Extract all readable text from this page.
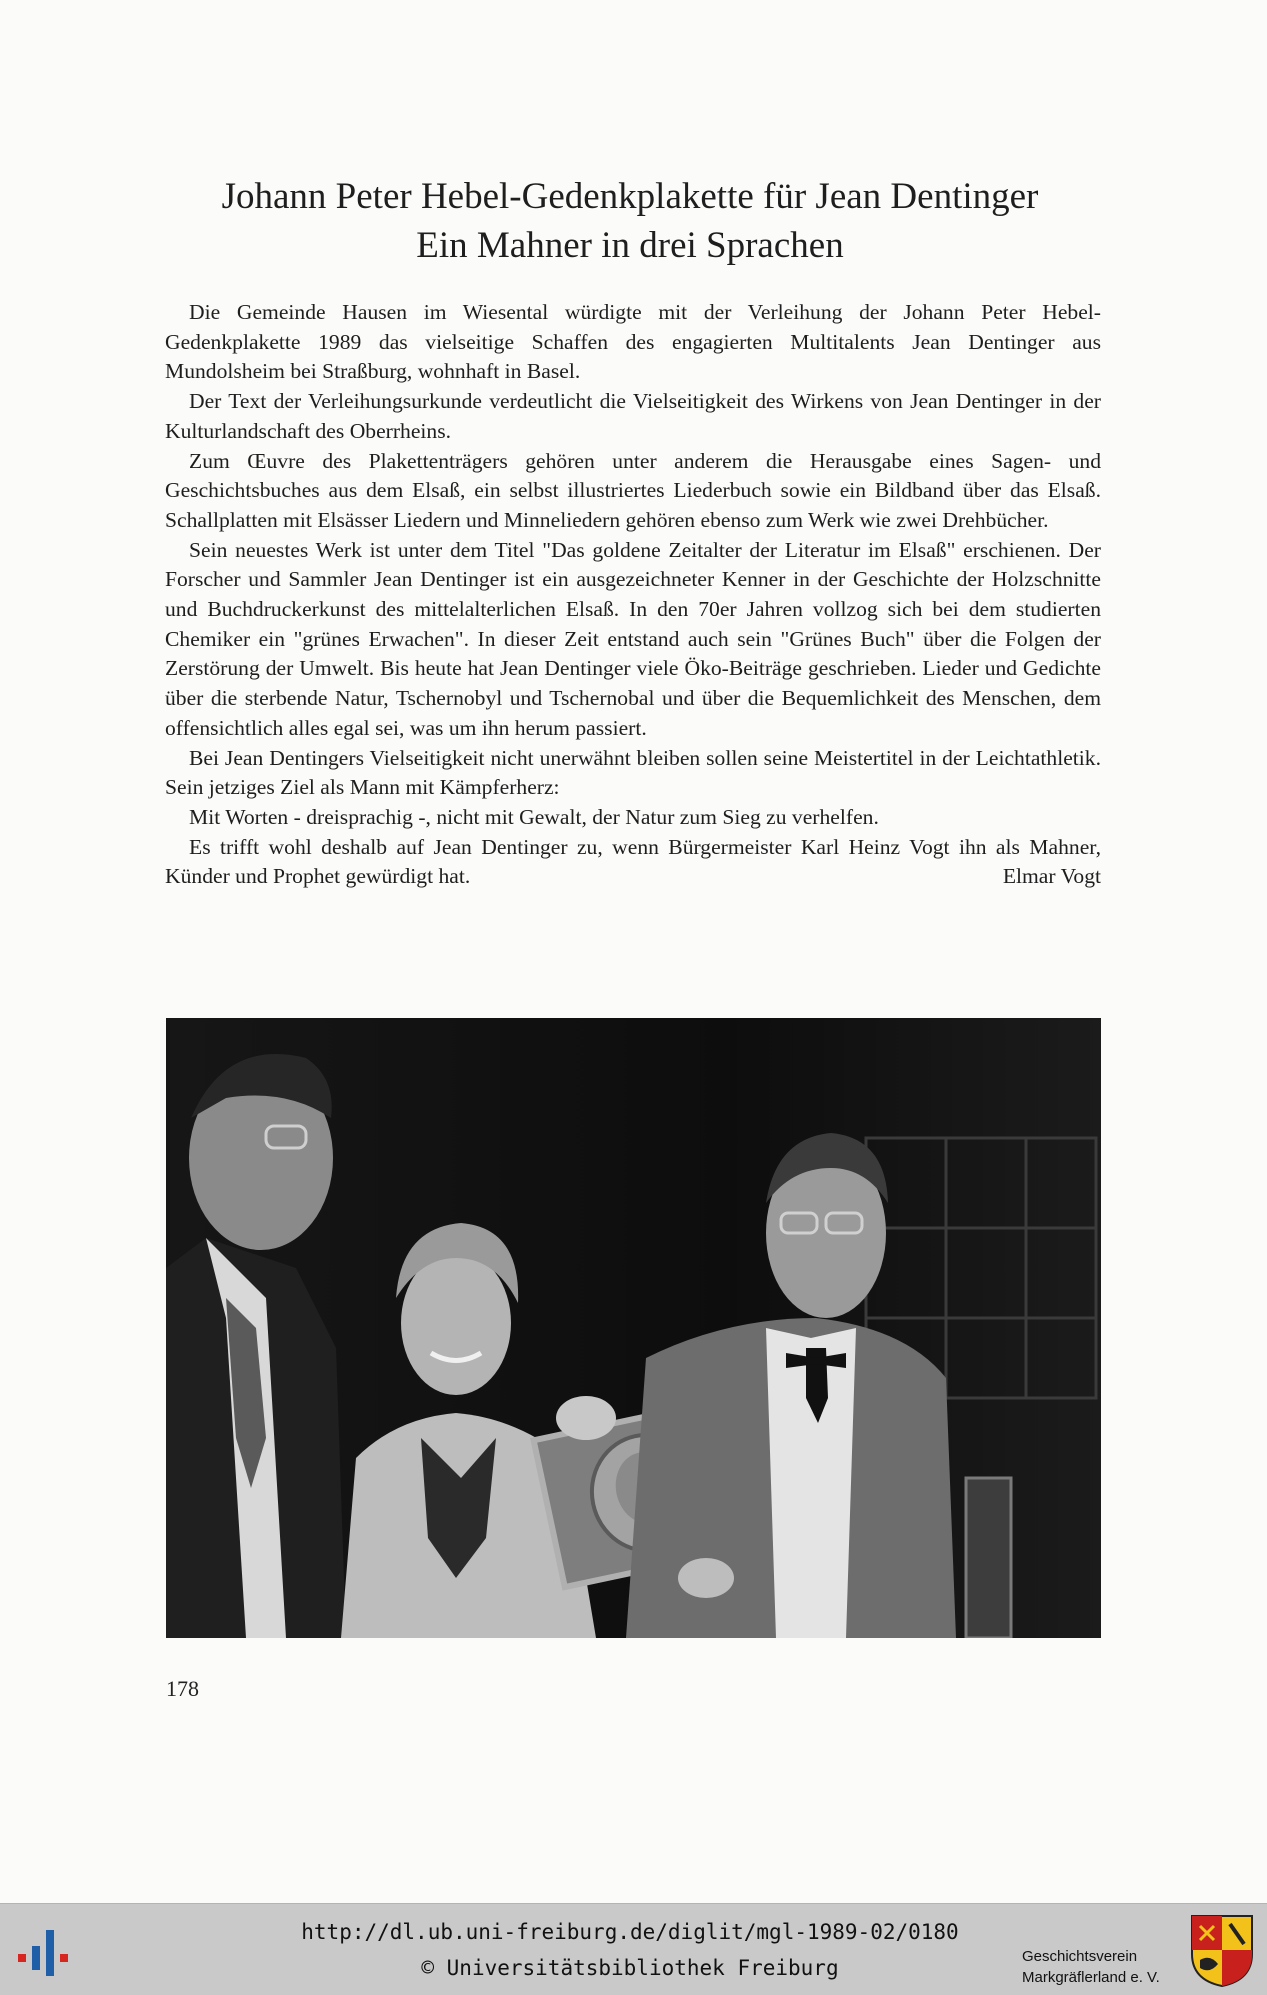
Johann Peter Hebel-Gedenkplakette für Jean Dentinger
Ein Mahner in drei Sprachen

Die Gemeinde Hausen im Wiesental würdigte mit der Verleihung der Johann Peter Hebel-Gedenkplakette 1989 das vielseitige Schaffen des engagierten Multitalents Jean Dentinger aus Mundolsheim bei Straßburg, wohnhaft in Basel.

Der Text der Verleihungsurkunde verdeutlicht die Vielseitigkeit des Wirkens von Jean Dentinger in der Kulturlandschaft des Oberrheins.

Zum Œuvre des Plakettenträgers gehören unter anderem die Herausgabe eines Sagen- und Geschichtsbuches aus dem Elsaß, ein selbst illustriertes Liederbuch sowie ein Bildband über das Elsaß. Schallplatten mit Elsässer Liedern und Minneliedern gehören ebenso zum Werk wie zwei Drehbücher.

Sein neuestes Werk ist unter dem Titel "Das goldene Zeitalter der Literatur im Elsaß" erschienen. Der Forscher und Sammler Jean Dentinger ist ein ausgezeichneter Kenner in der Geschichte der Holzschnitte und Buchdruckerkunst des mittelalterlichen Elsaß. In den 70er Jahren vollzog sich bei dem studierten Chemiker ein "grünes Erwachen". In dieser Zeit entstand auch sein "Grünes Buch" über die Folgen der Zerstörung der Umwelt. Bis heute hat Jean Dentinger viele Öko-Beiträge geschrieben. Lieder und Gedichte über die sterbende Natur, Tschernobyl und Tschernobal und über die Bequemlichkeit des Menschen, dem offensichtlich alles egal sei, was um ihn herum passiert.

Bei Jean Dentingers Vielseitigkeit nicht unerwähnt bleiben sollen seine Meistertitel in der Leichtathletik. Sein jetziges Ziel als Mann mit Kämpferherz:

Mit Worten - dreisprachig -, nicht mit Gewalt, der Natur zum Sieg zu verhelfen.

Es trifft wohl deshalb auf Jean Dentinger zu, wenn Bürgermeister Karl Heinz Vogt ihn als Mahner, Künder und Prophet gewürdigt hat.	Elmar Vogt

178
http://dl.ub.uni-freiburg.de/diglit/mgl-1989-02/0180
© Universitätsbibliothek Freiburg	Geschichtsverein
Markgräflerland e. V.
